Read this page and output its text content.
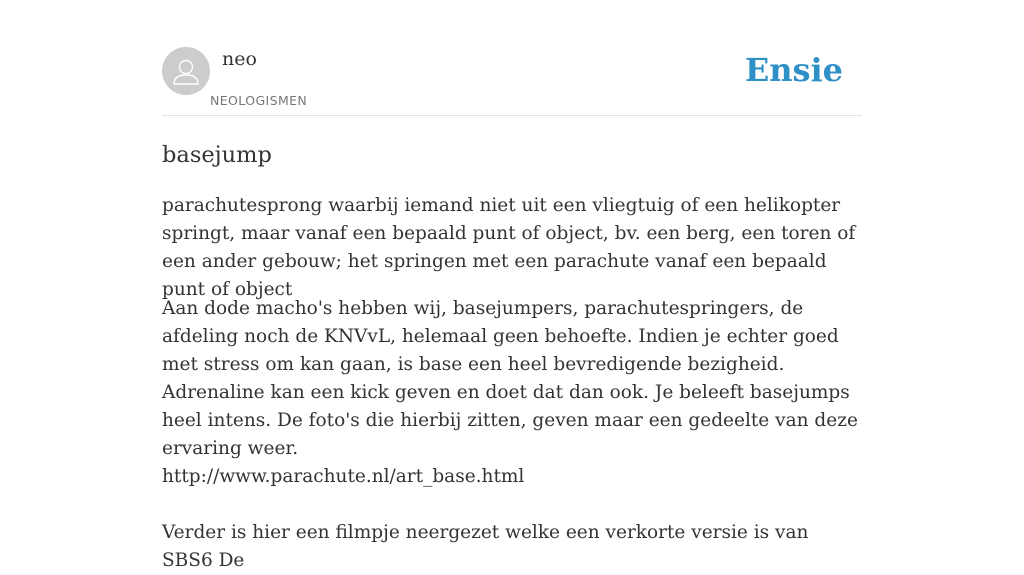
neo
NEOLOGISMEN
Ensie
basejump

parachutesprong waarbij iemand niet uit een vliegtuig of een helikopter springt, maar vanaf een bepaald punt of object, bv. een berg, een toren of een ander gebouw; het springen met een parachute vanaf een bepaald punt of object

Aan dode macho's hebben wij, basejumpers, parachutespringers, de afdeling noch de KNVvL, helemaal geen behoefte. Indien je echter goed met stress om kan gaan, is base een heel bevredigende bezigheid. Adrenaline kan een kick geven en doet dat dan ook. Je beleeft basejumps heel intens. De foto's die hierbij zitten, geven maar een gedeelte van deze ervaring weer.
http://www.parachute.nl/art_base.html
Verder is hier een filmpje neergezet welke een verkorte versie is van SBS6 De
